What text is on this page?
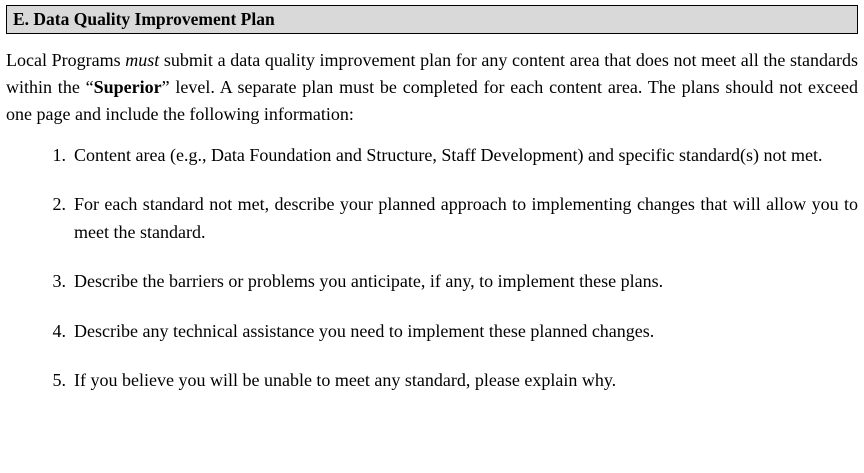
E. Data Quality Improvement Plan

Local Programs must submit a data quality improvement plan for any content area that does not meet all the standards within the “Superior” level. A separate plan must be completed for each content area. The plans should not exceed one page and include the following information:

Content area (e.g., Data Foundation and Structure, Staff Development) and specific standard(s) not met.
For each standard not met, describe your planned approach to implementing changes that will allow you to meet the standard.
Describe the barriers or problems you anticipate, if any, to implement these plans.
Describe any technical assistance you need to implement these planned changes.
If you believe you will be unable to meet any standard, please explain why.
